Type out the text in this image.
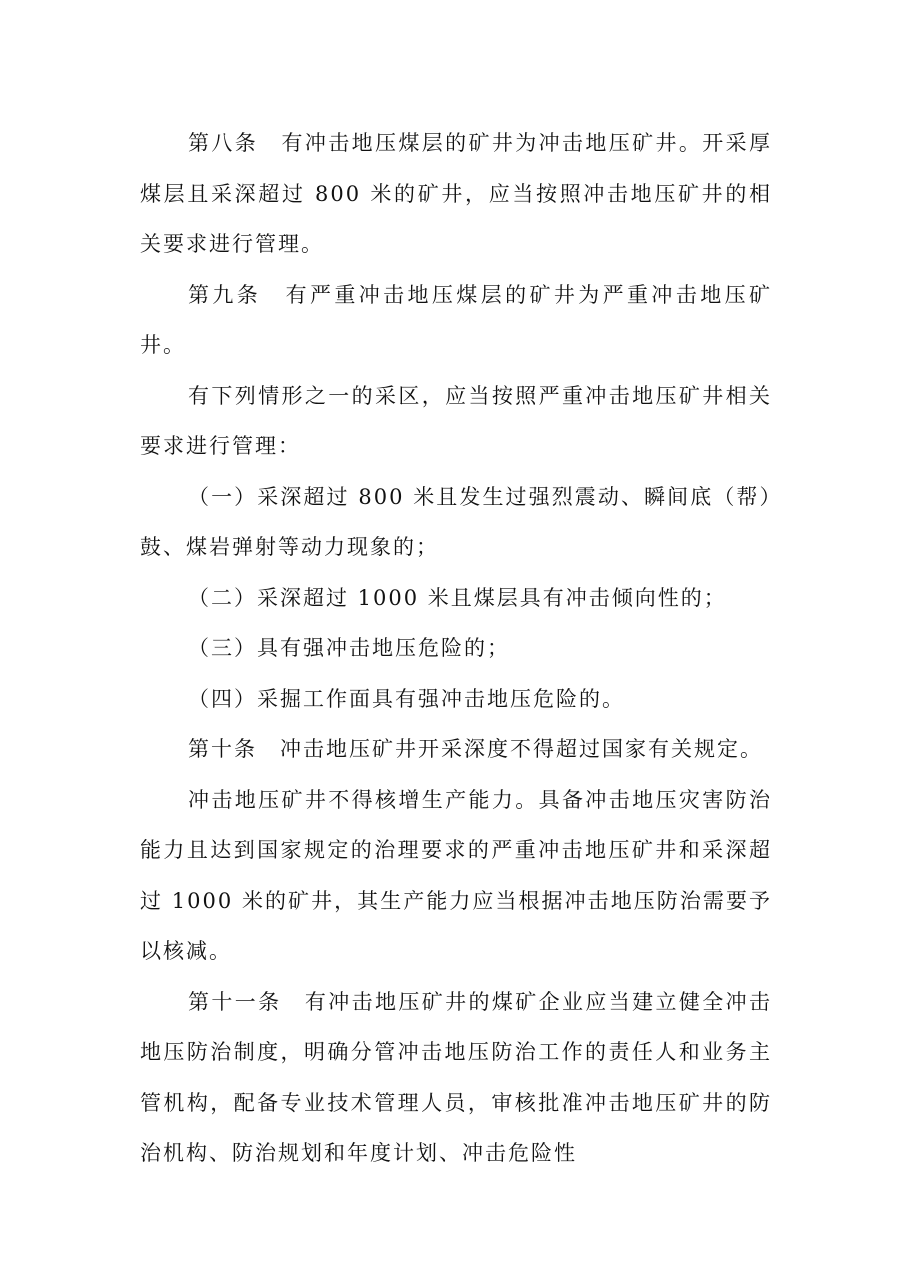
第八条　有冲击地压煤层的矿井为冲击地压矿井。开采厚煤层且采深超过 800 米的矿井，应当按照冲击地压矿井的相关要求进行管理。

第九条　有严重冲击地压煤层的矿井为严重冲击地压矿井。

有下列情形之一的采区，应当按照严重冲击地压矿井相关要求进行管理：

（一）采深超过 800 米且发生过强烈震动、瞬间底（帮）鼓、煤岩弹射等动力现象的；

（二）采深超过 1000 米且煤层具有冲击倾向性的；

（三）具有强冲击地压危险的；

（四）采掘工作面具有强冲击地压危险的。

第十条　冲击地压矿井开采深度不得超过国家有关规定。

冲击地压矿井不得核增生产能力。具备冲击地压灾害防治能力且达到国家规定的治理要求的严重冲击地压矿井和采深超过 1000 米的矿井，其生产能力应当根据冲击地压防治需要予以核减。

第十一条　有冲击地压矿井的煤矿企业应当建立健全冲击地压防治制度，明确分管冲击地压防治工作的责任人和业务主管机构，配备专业技术管理人员，审核批准冲击地压矿井的防治机构、防治规划和年度计划、冲击危险性
